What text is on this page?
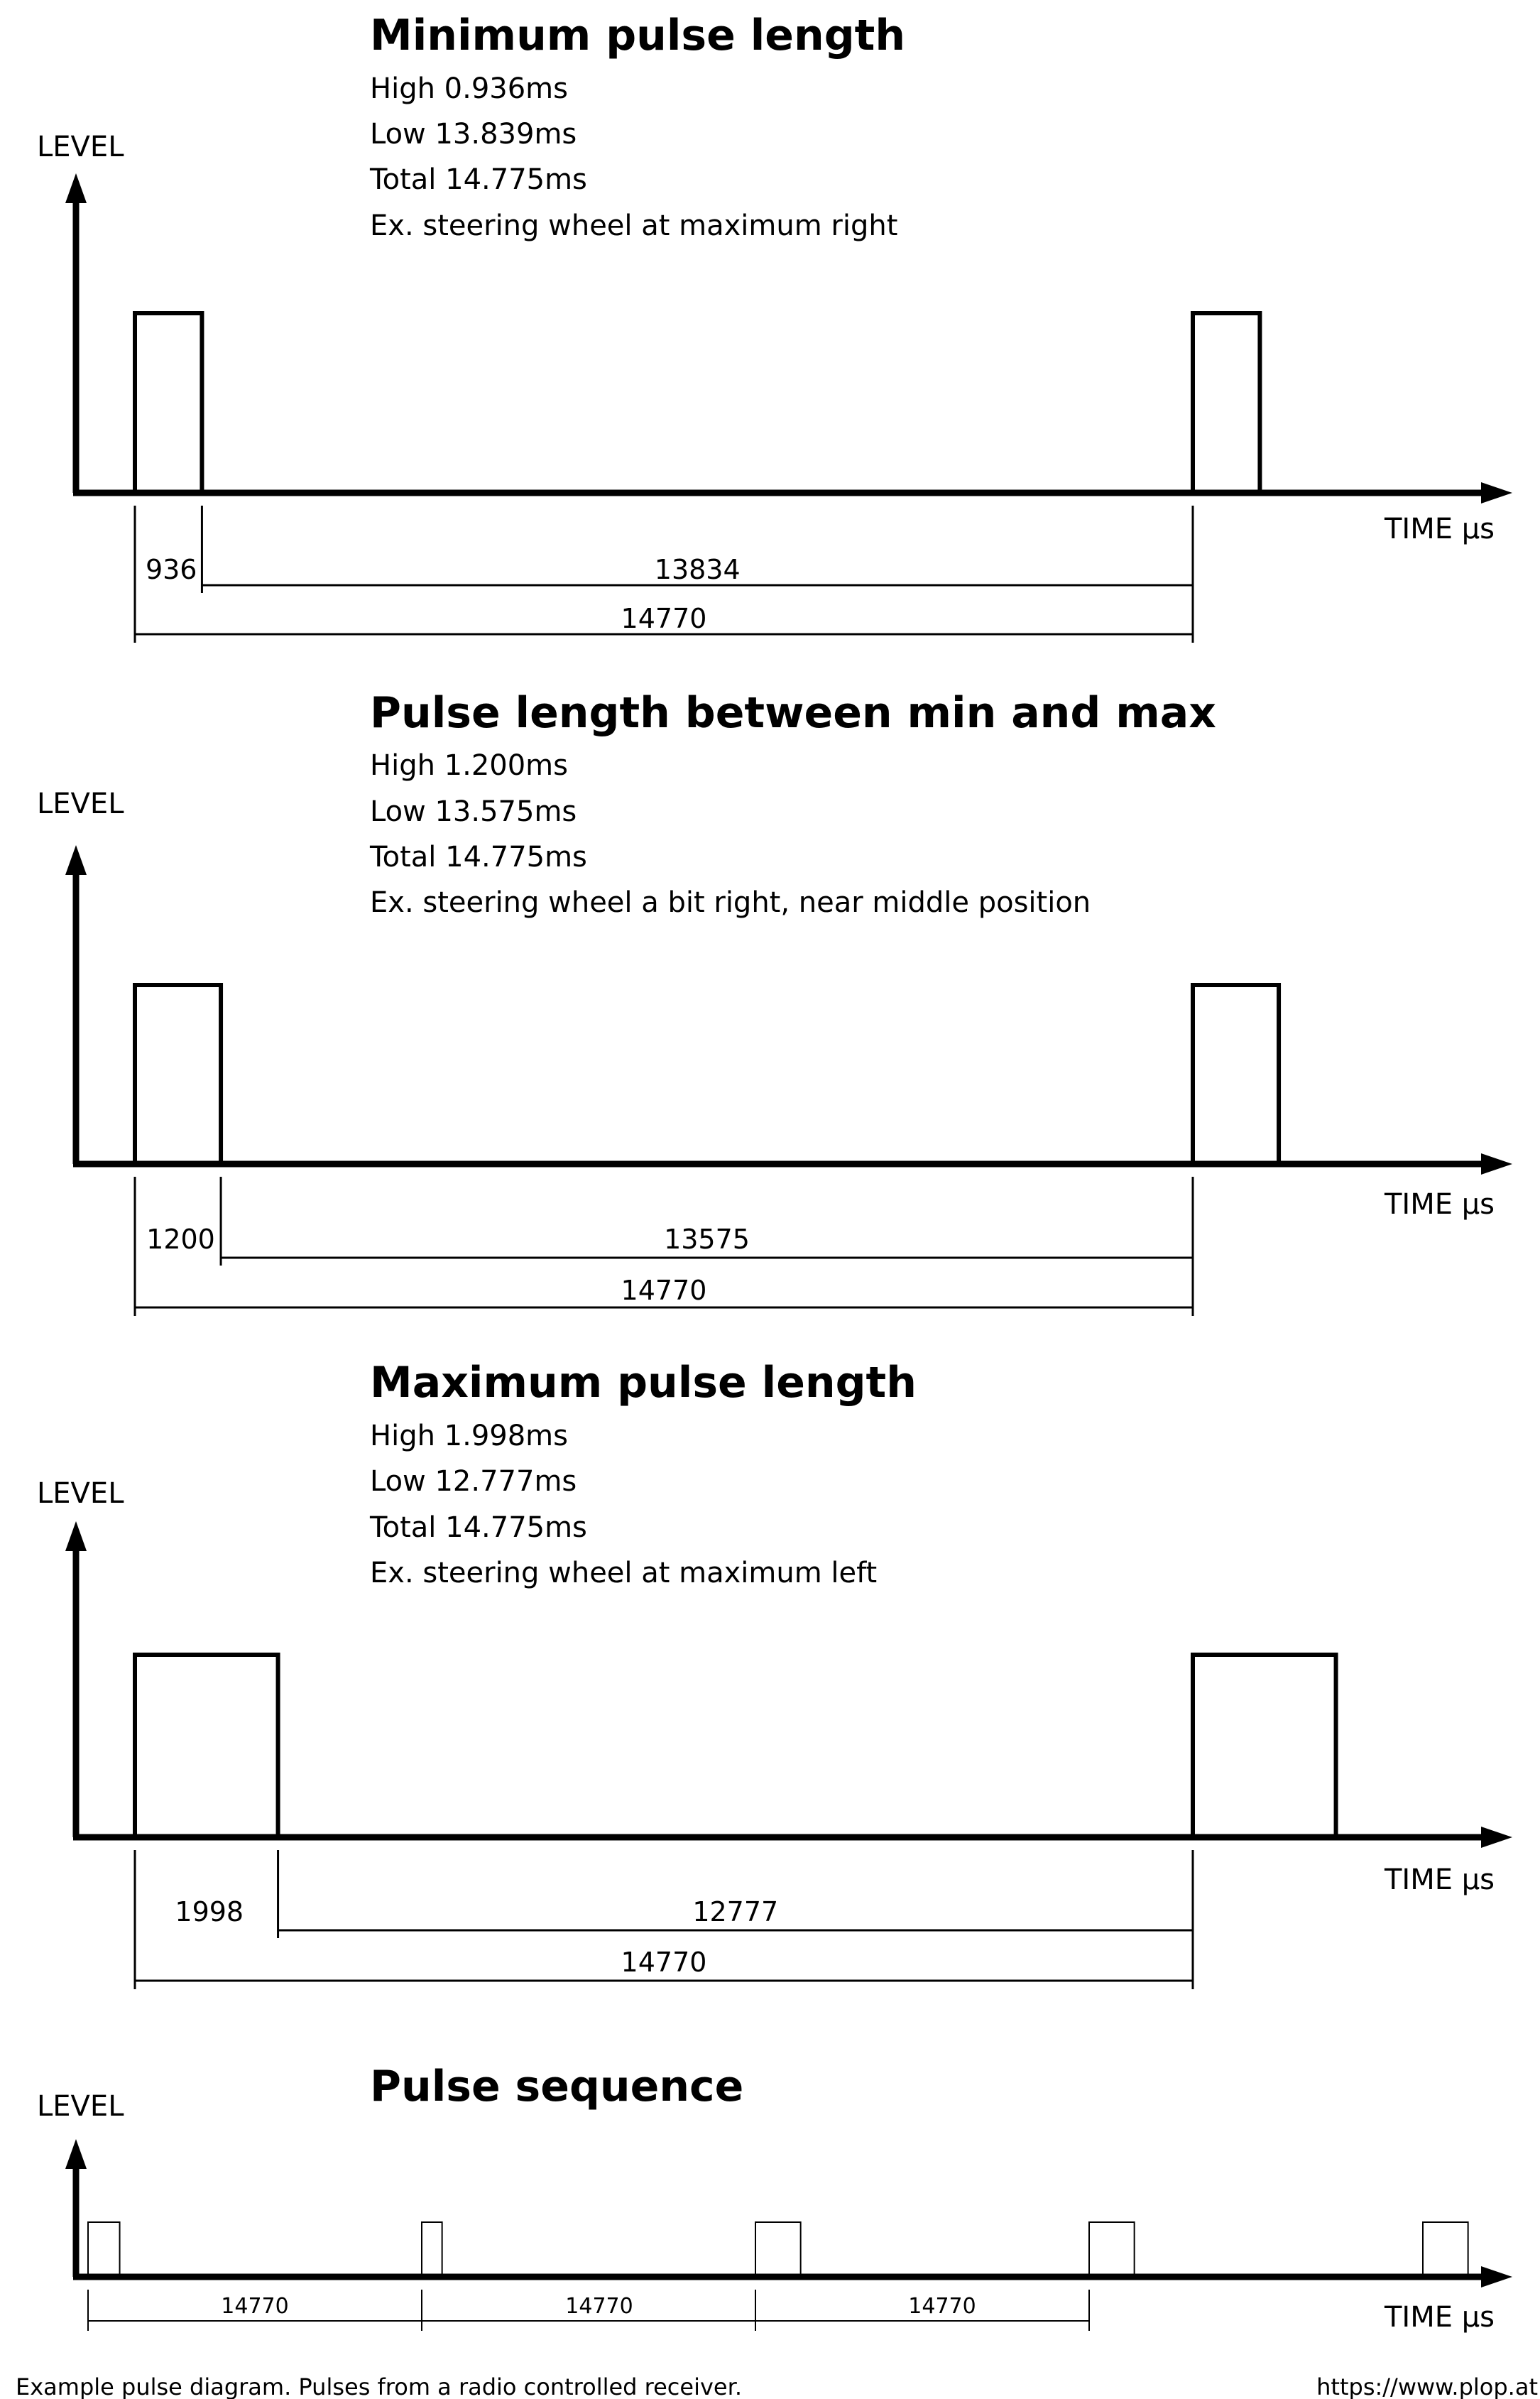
Minimum pulse length
High 0.936ms
Low 13.839ms
Total 14.775ms
Ex. steering wheel at maximum right
LEVEL
TIME µs
936	13834
14770
Pulse length between min and max
High 1.200ms
Low 13.575ms
Total 14.775ms
Ex. steering wheel a bit right, near middle position
LEVEL
TIME µs
1200	13575
14770
Maximum pulse length
High 1.998ms
Low 12.777ms
Total 14.775ms
Ex. steering wheel at maximum left
LEVEL
TIME µs
1998	12777
14770
Pulse sequence
LEVEL
TIME µs
14770	14770	14770
Example pulse diagram. Pulses from a radio controlled receiver.	https://www.plop.at
